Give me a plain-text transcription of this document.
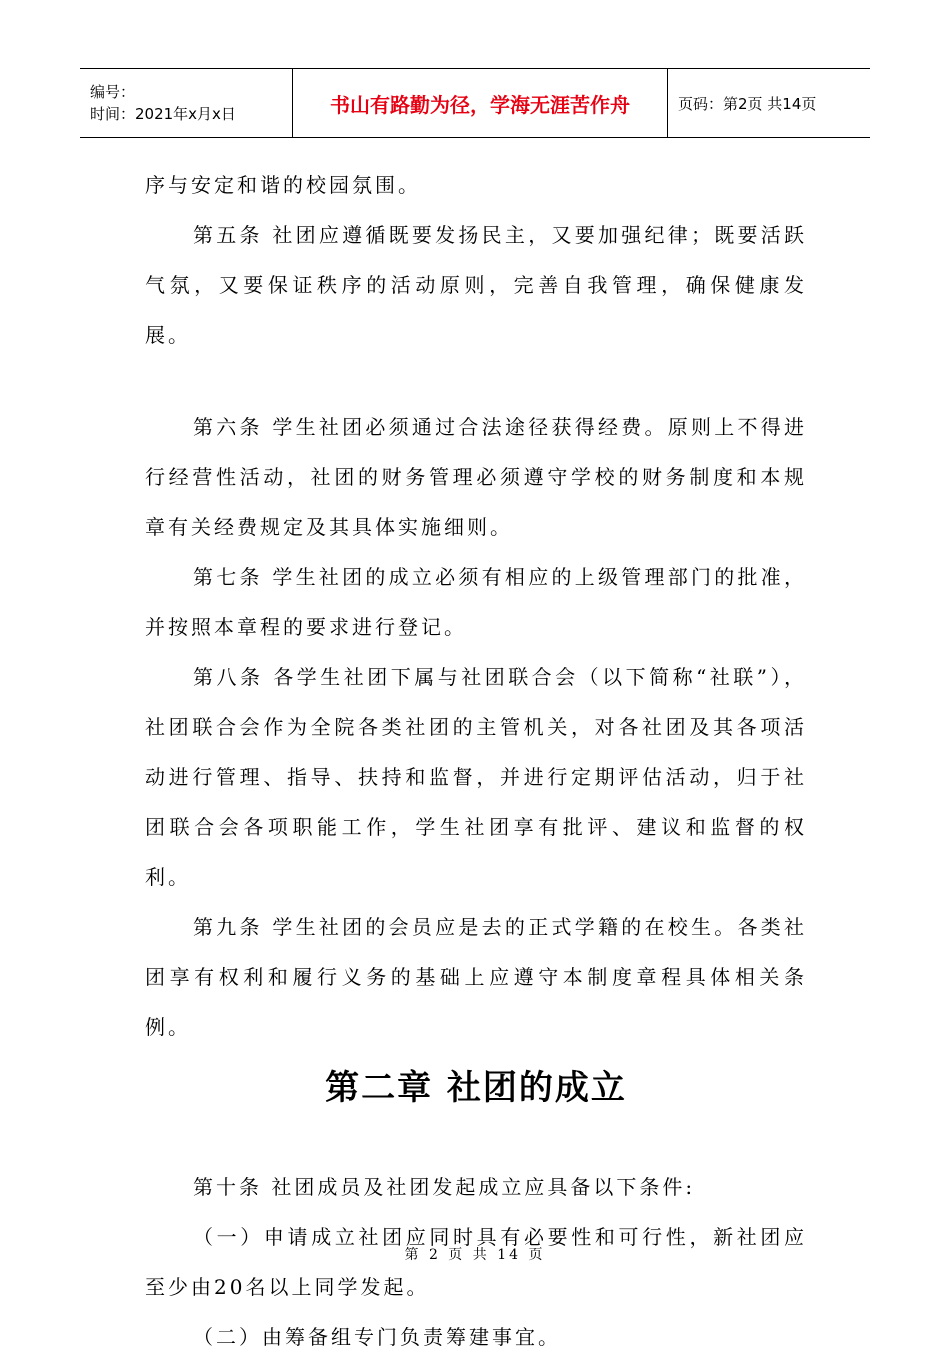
编号：
时间：2021年x月x日	书山有路勤为径，学海无涯苦作舟	页码：第2页 共14页

序与安定和谐的校园氛围。

第五条 社团应遵循既要发扬民主，又要加强纪律；既要活跃气氛，又要保证秩序的活动原则，完善自我管理，确保健康发展。

第六条 学生社团必须通过合法途径获得经费。原则上不得进行经营性活动，社团的财务管理必须遵守学校的财务制度和本规章有关经费规定及其具体实施细则。

第七条 学生社团的成立必须有相应的上级管理部门的批准，并按照本章程的要求进行登记。

第八条 各学生社团下属与社团联合会（以下简称“社联”），社团联合会作为全院各类社团的主管机关，对各社团及其各项活动进行管理、指导、扶持和监督，并进行定期评估活动，归于社团联合会各项职能工作，学生社团享有批评、建议和监督的权利。

第九条 学生社团的会员应是去的正式学籍的在校生。各类社团享有权利和履行义务的基础上应遵守本制度章程具体相关条例。

第二章 社团的成立

第十条 社团成员及社团发起成立应具备以下条件:

（一）申请成立社团应同时具有必要性和可行性，新社团应至少由20名以上同学发起。

（二）由筹备组专门负责筹建事宜。

第 2 页 共 14 页
